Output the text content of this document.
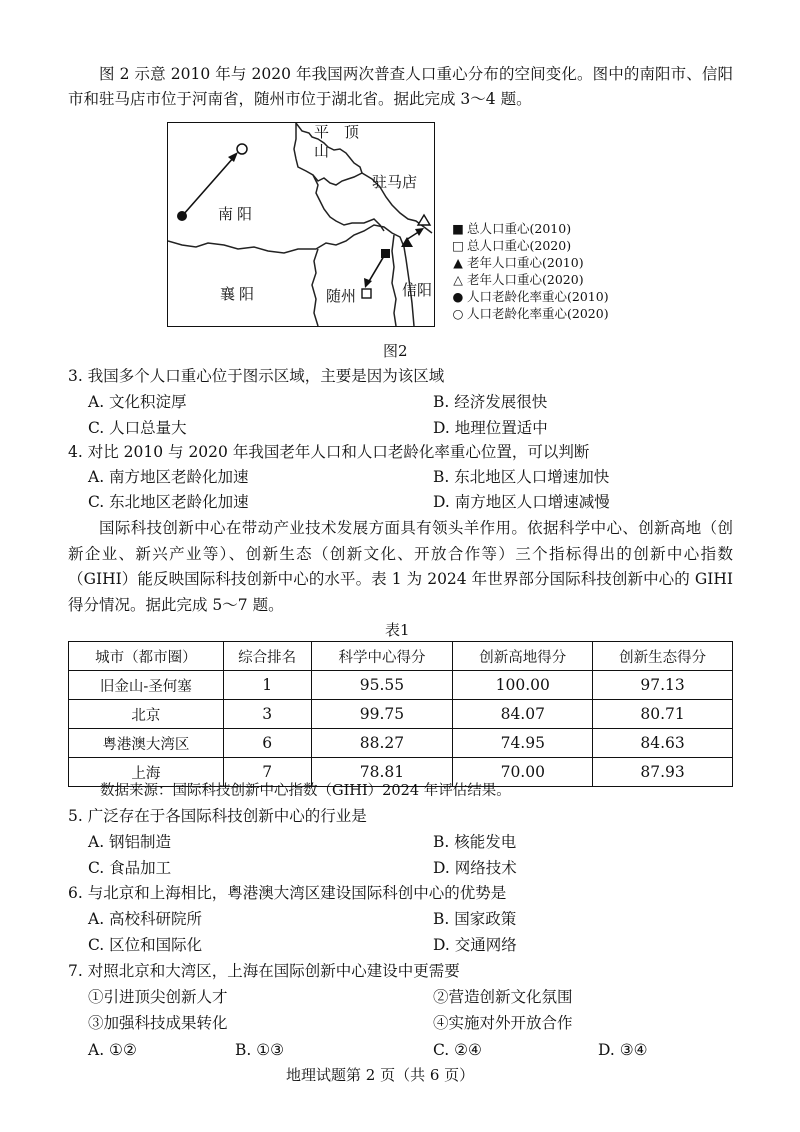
图 2 示意 2010 年与 2020 年我国两次普查人口重心分布的空间变化。图中的南阳市、信阳市和驻马店市位于河南省，随州市位于湖北省。据此完成 3～4 题。
平 顶
山
驻马店
南阳
襄阳	随州	信阳
■ 总人口重心(2010)
□ 总人口重心(2020)
▲ 老年人口重心(2010)
△ 老年人口重心(2020)
● 人口老龄化率重心(2010)
○ 人口老龄化率重心(2020)
图2
3. 我国多个人口重心位于图示区域，主要是因为该区域
A. 文化积淀厚	B. 经济发展很快
C. 人口总量大	D. 地理位置适中
4. 对比 2010 与 2020 年我国老年人口和人口老龄化率重心位置，可以判断
A. 南方地区老龄化加速	B. 东北地区人口增速加快
C. 东北地区老龄化加速	D. 南方地区人口增速减慢
国际科技创新中心在带动产业技术发展方面具有领头羊作用。依据科学中心、创新高地（创新企业、新兴产业等）、创新生态（创新文化、开放合作等）三个指标得出的创新中心指数（GIHI）能反映国际科技创新中心的水平。表 1 为 2024 年世界部分国际科技创新中心的 GIHI 得分情况。据此完成 5～7 题。
表1
城市（都市圈）	综合排名	科学中心得分	创新高地得分	创新生态得分
旧金山-圣何塞	1	95.55	100.00	97.13
北京	3	99.75	84.07	80.71
粤港澳大湾区	6	88.27	74.95	84.63
上海	7	78.81	70.00	87.93
数据来源：国际科技创新中心指数（GIHI）2024 年评估结果。
5. 广泛存在于各国际科技创新中心的行业是
A. 钢铝制造	B. 核能发电
C. 食品加工	D. 网络技术
6. 与北京和上海相比，粤港澳大湾区建设国际科创中心的优势是
A. 高校科研院所	B. 国家政策
C. 区位和国际化	D. 交通网络
7. 对照北京和大湾区，上海在国际创新中心建设中更需要
①引进顶尖创新人才	②营造创新文化氛围
③加强科技成果转化	④实施对外开放合作
A. ①②	B. ①③	C. ②④	D. ③④
地理试题第 2 页（共 6 页）
